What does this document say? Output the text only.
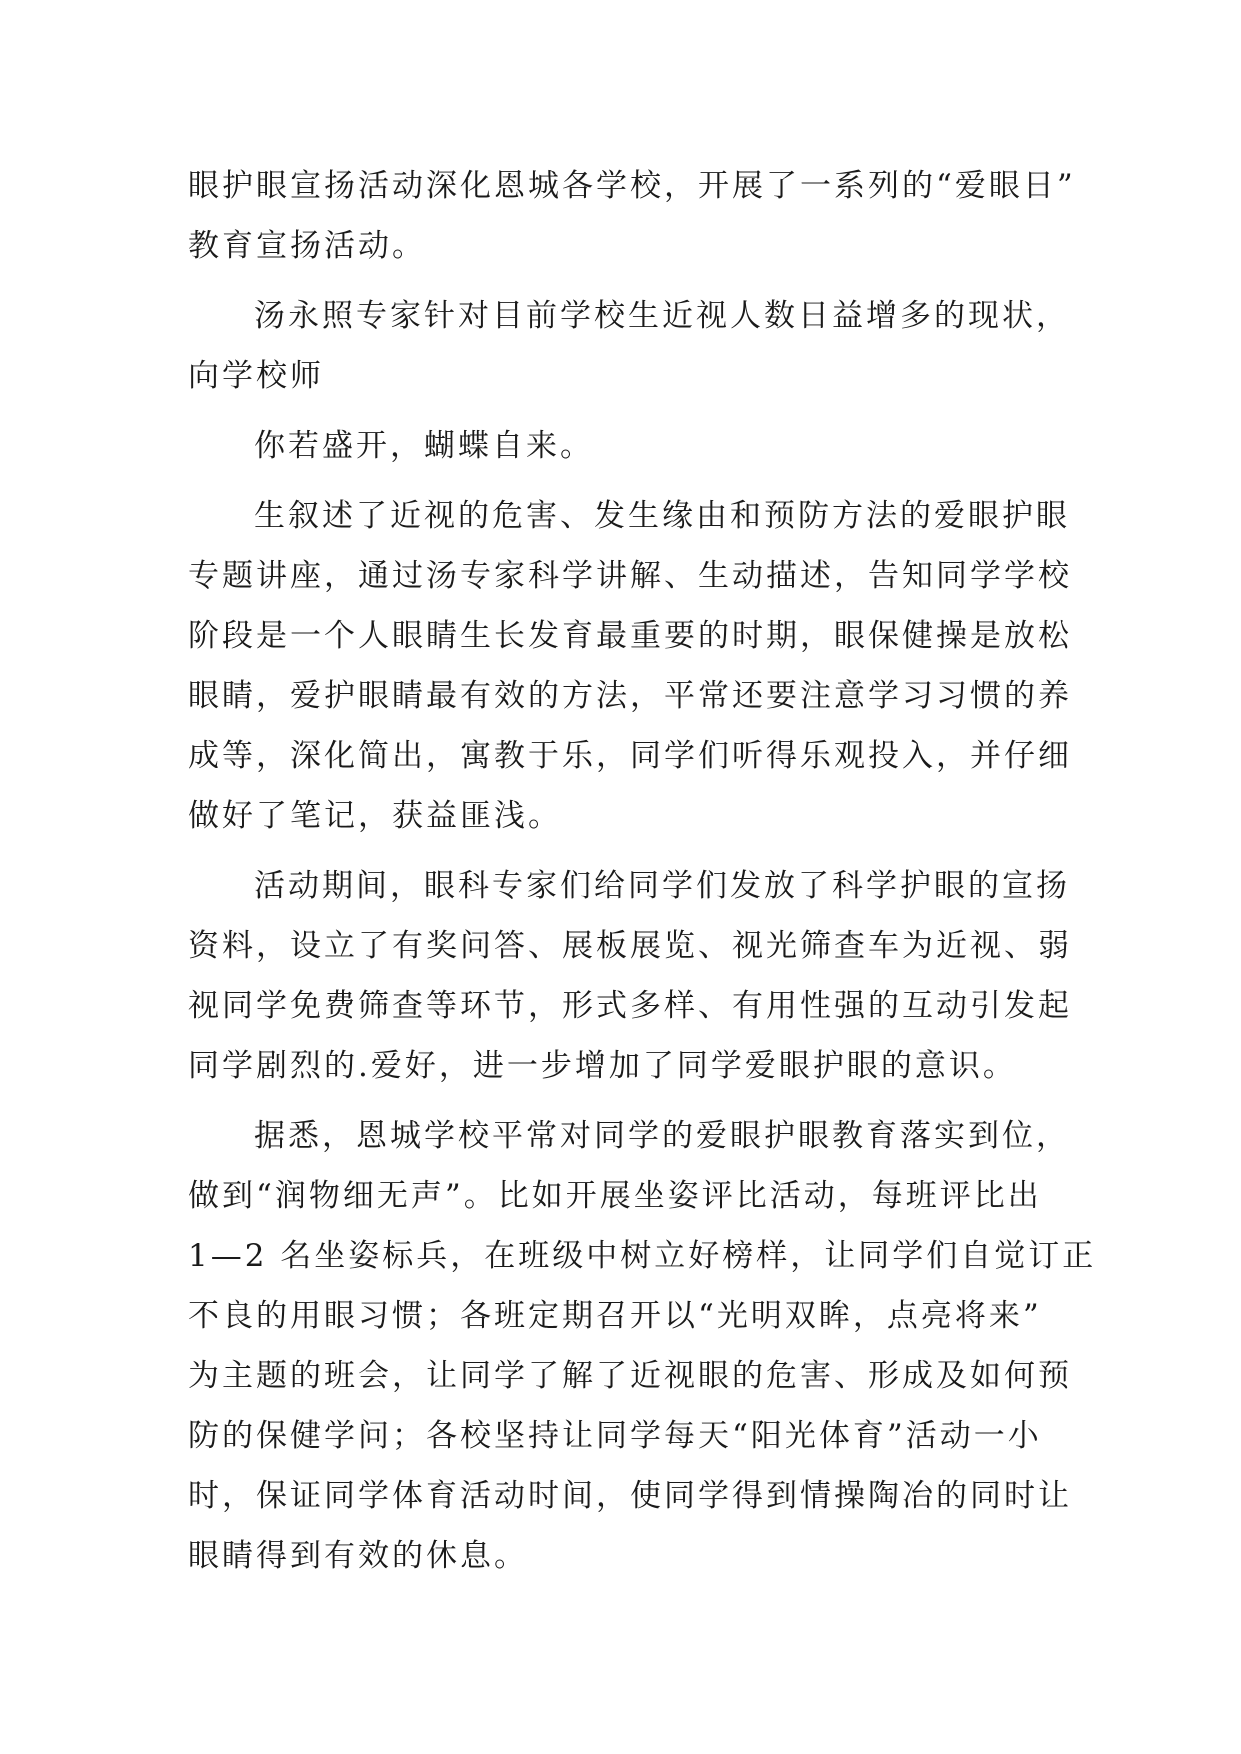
眼护眼宣扬活动深化恩城各学校，开展了一系列的“爱眼日”
教育宣扬活动。
汤永照专家针对目前学校生近视人数日益增多的现状，
向学校师
你若盛开，蝴蝶自来。
生叙述了近视的危害、发生缘由和预防方法的爱眼护眼
专题讲座，通过汤专家科学讲解、生动描述，告知同学学校
阶段是一个人眼睛生长发育最重要的时期，眼保健操是放松
眼睛，爱护眼睛最有效的方法，平常还要注意学习习惯的养
成等，深化简出，寓教于乐，同学们听得乐观投入，并仔细
做好了笔记，获益匪浅。
活动期间，眼科专家们给同学们发放了科学护眼的宣扬
资料，设立了有奖问答、展板展览、视光筛查车为近视、弱
视同学免费筛查等环节，形式多样、有用性强的互动引发起
同学剧烈的.爱好，进一步增加了同学爱眼护眼的意识。
据悉，恩城学校平常对同学的爱眼护眼教育落实到位，
做到“润物细无声”。比如开展坐姿评比活动，每班评比出
1—2 名坐姿标兵，在班级中树立好榜样，让同学们自觉订正
不良的用眼习惯；各班定期召开以“光明双眸，点亮将来”
为主题的班会，让同学了解了近视眼的危害、形成及如何预
防的保健学问；各校坚持让同学每天“阳光体育”活动一小
时，保证同学体育活动时间，使同学得到情操陶冶的同时让
眼睛得到有效的休息。
